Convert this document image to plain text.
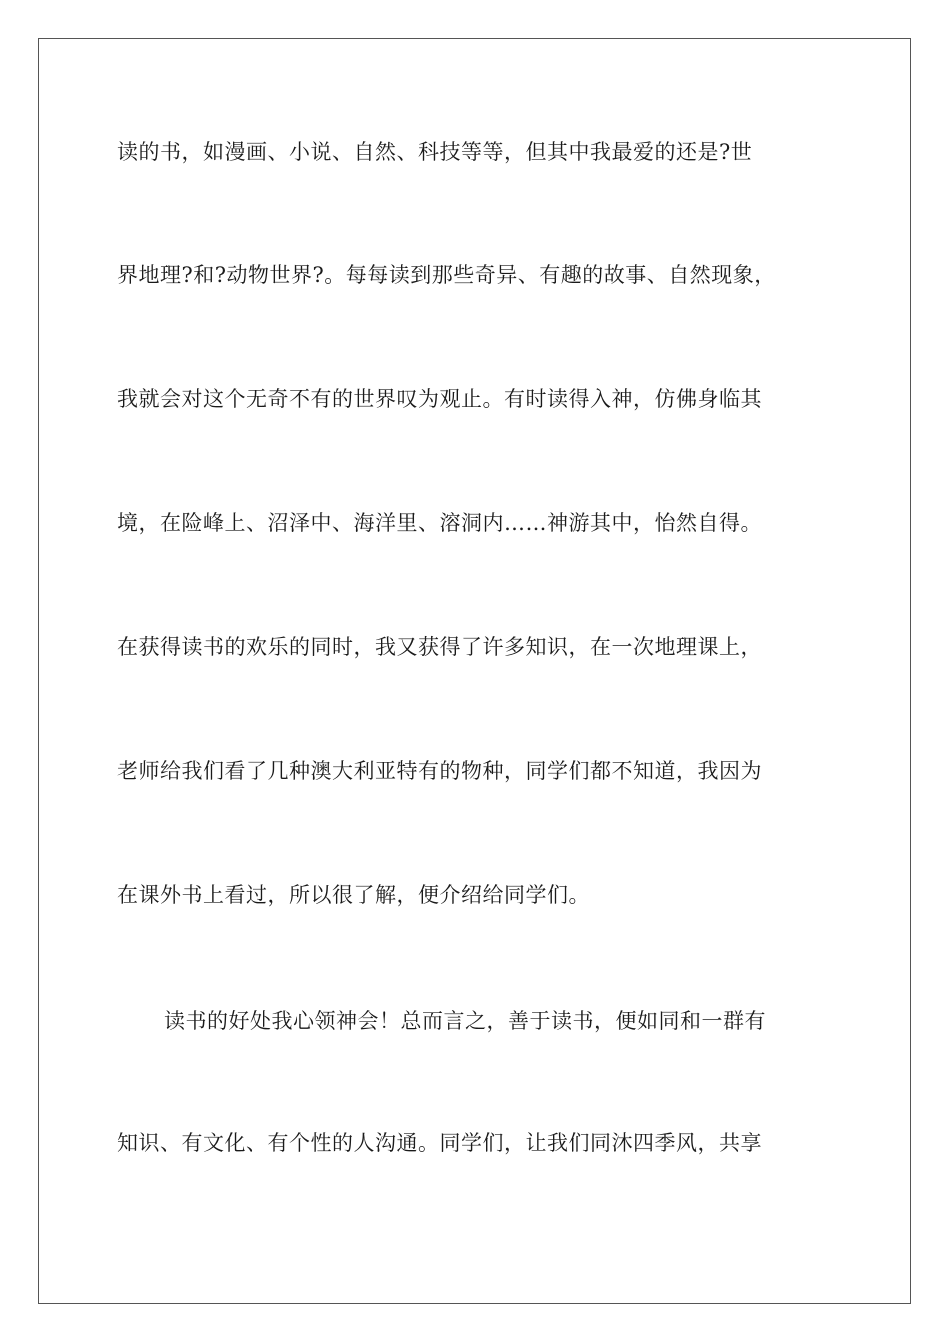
读的书，如漫画、小说、自然、科技等等，但其中我最爱的还是?世
界地理?和?动物世界?。每每读到那些奇异、有趣的故事、自然现象，
我就会对这个无奇不有的世界叹为观止。有时读得入神，仿佛身临其
境，在险峰上、沼泽中、海洋里、溶洞内……神游其中，怡然自得。
在获得读书的欢乐的同时，我又获得了许多知识，在一次地理课上，
老师给我们看了几种澳大利亚特有的物种，同学们都不知道，我因为
在课外书上看过，所以很了解，便介绍给同学们。
读书的好处我心领神会！总而言之，善于读书，便如同和一群有
知识、有文化、有个性的人沟通。同学们，让我们同沐四季风，共享
